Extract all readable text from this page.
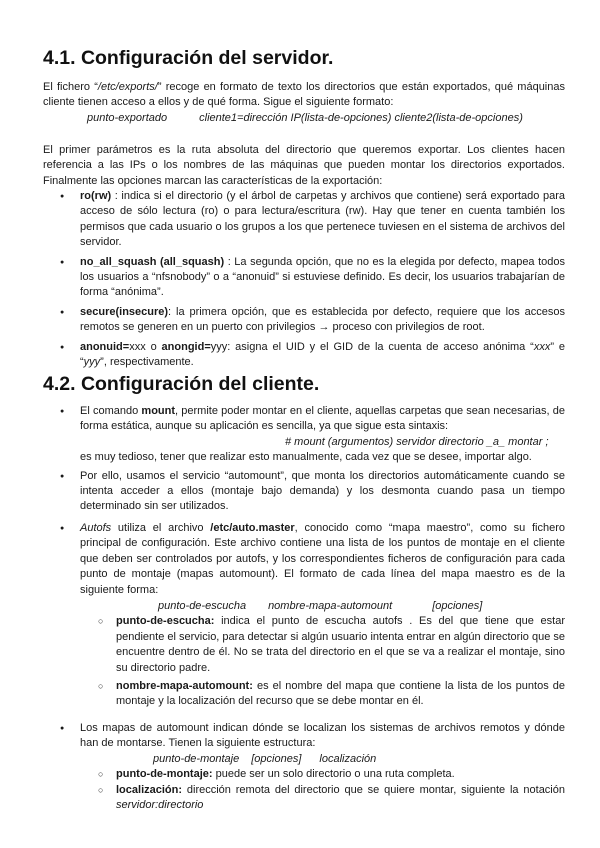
4.1. Configuración del servidor.
El fichero “/etc/exports/” recoge en formato de texto los directorios que están exportados, qué máquinas cliente tienen acceso a ellos y de qué forma. Sigue el siguiente formato:
punto-exportado	cliente1=dirección IP(lista-de-opciones) cliente2(lista-de-opciones)
El primer parámetros es la ruta absoluta del directorio que queremos exportar. Los clientes hacen referencia a las IPs o los nombres de las máquinas que pueden montar los directorios exportados. Finalmente las opciones marcan las características de la exportación:
● ro(rw) : indica si el directorio (y el árbol de carpetas y archivos que contiene) será exportado para acceso de sólo lectura (ro) o para lectura/escritura (rw). Hay que tener en cuenta también los permisos que cada usuario o los grupos a los que pertenece tuviesen en el sistema de archivos del servidor.
● no_all_squash (all_squash) : La segunda opción, que no es la elegida por defecto, mapea todos los usuarios a “nfsnobody” o a “anonuid” si estuviese definido. Es decir, los usuarios trabajarían de forma “anónima”.
● secure(insecure): la primera opción, que es establecida por defecto, requiere que los accesos remotos se generen en un puerto con privilegios → proceso con privilegios de root.
● anonuid=xxx o anongid=yyy: asigna el UID y el GID de la cuenta de acceso anónima “xxx” e “yyy”, respectivamente.
4.2. Configuración del cliente.
● El comando mount, permite poder montar en el cliente, aquellas carpetas que sean necesarias, de forma estática, aunque su aplicación es sencilla, ya que sigue esta sintaxis:
# mount (argumentos) servidor directorio _a_ montar ;
es muy tedioso, tener que realizar esto manualmente, cada vez que se desee, importar algo.
● Por ello, usamos el servicio “automount”, que monta los directorios automáticamente cuando se intenta acceder a ellos (montaje bajo demanda) y los desmonta cuando pasa un tiempo determinado sin ser utilizados.
● Autofs utiliza el archivo /etc/auto.master, conocido como “mapa maestro”, como su fichero principal de configuración. Este archivo contiene una lista de los puntos de montaje en el cliente que deben ser controlados por autofs, y los correspondientes ficheros de configuración para cada punto de montaje (mapas automount). El formato de cada línea del mapa maestro es de la siguiente forma:
punto-de-escucha nombre-mapa-automount	[opciones]
○ punto-de-escucha: indica el punto de escucha autofs . Es del que tiene que estar pendiente el servicio, para detectar si algún usuario intenta entrar en algún directorio que se encuentre dentro de él. No se trata del directorio en el que se va a realizar el montaje, sino su directorio padre.
○ nombre-mapa-automount: es el nombre del mapa que contiene la lista de los puntos de montaje y la localización del recurso que se debe montar en él.
● Los mapas de automount indican dónde se localizan los sistemas de archivos remotos y dónde han de montarse. Tienen la siguiente estructura:
punto-de-montaje [opciones] localización
○ punto-de-montaje: puede ser un solo directorio o una ruta completa.
○ localización: dirección remota del directorio que se quiere montar, siguiente la notación servidor:directorio
